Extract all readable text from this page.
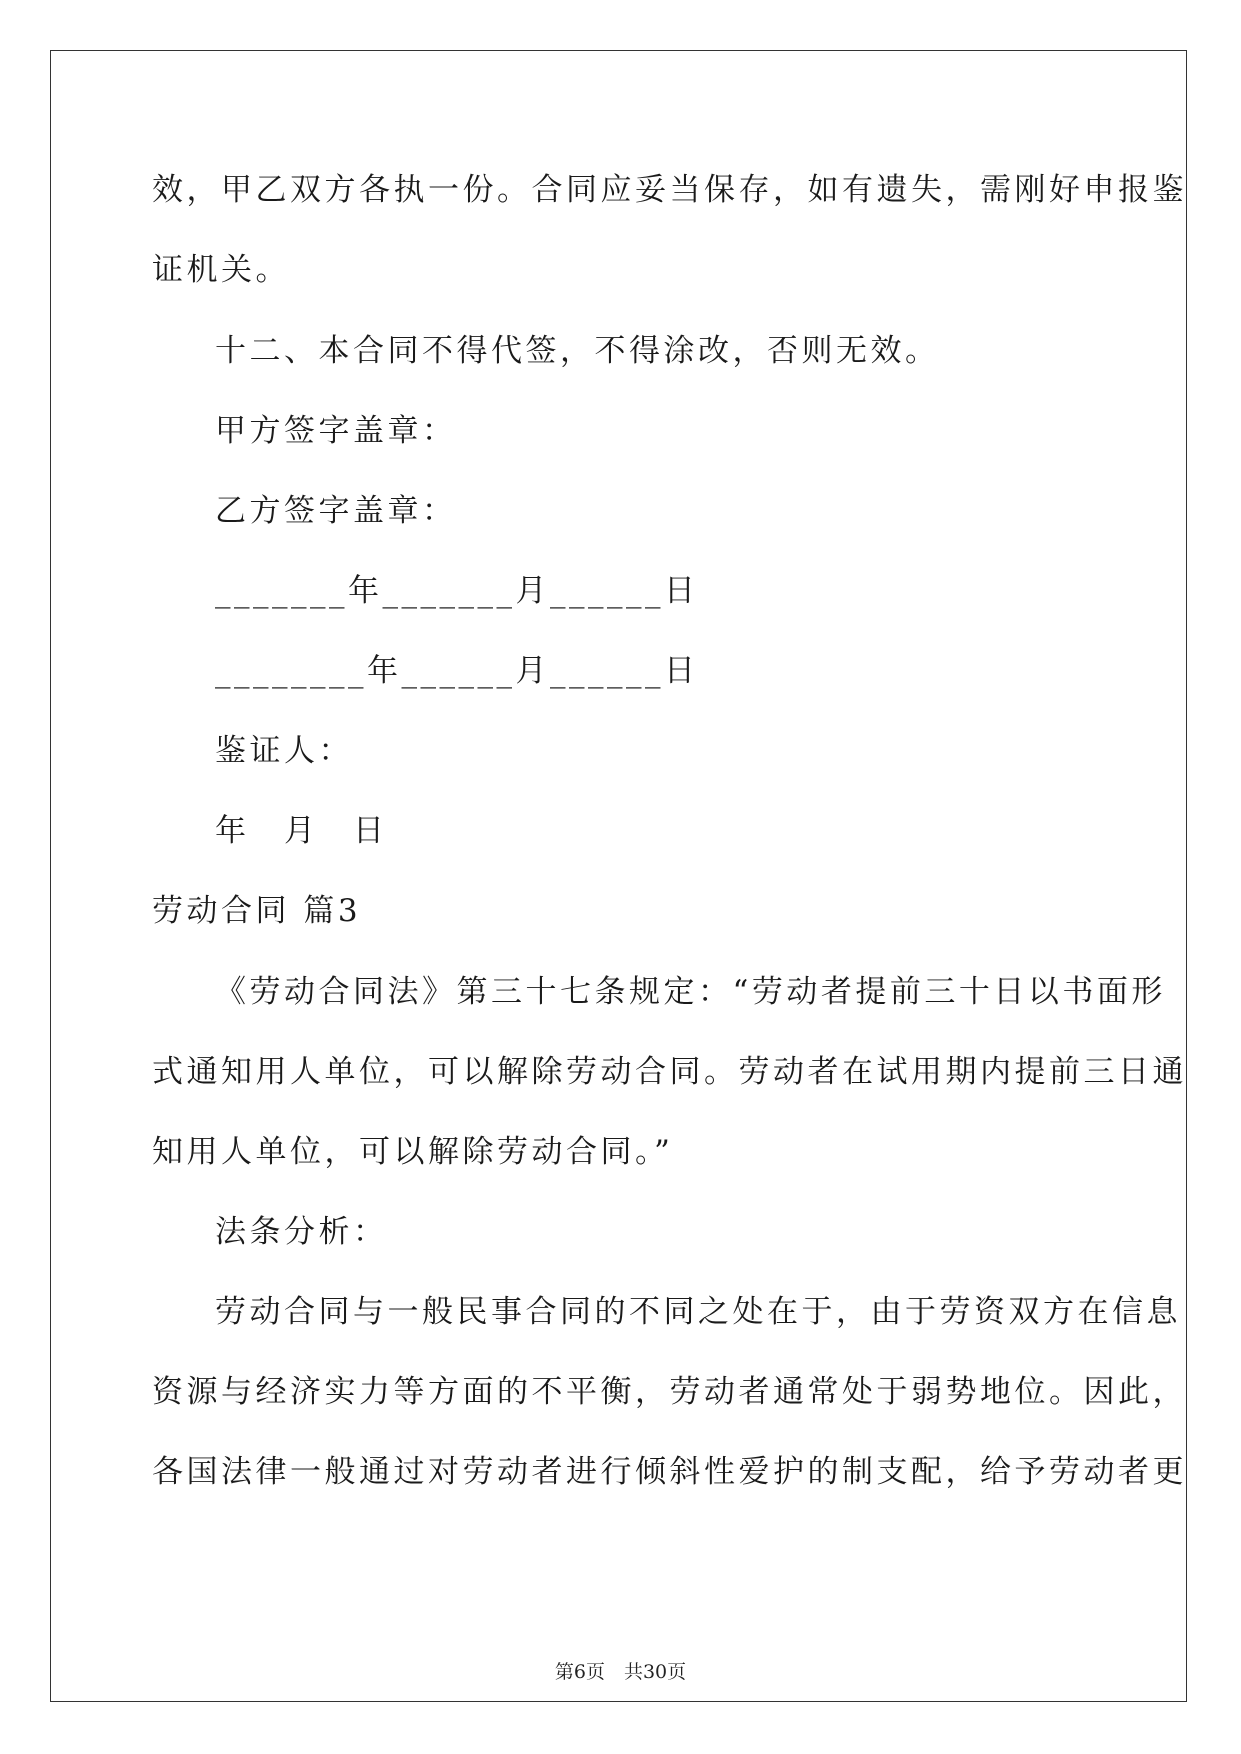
效，甲乙双方各执一份。合同应妥当保存，如有遗失，需刚好申报鉴
证机关。
十二、本合同不得代签，不得涂改，否则无效。
甲方签字盖章：
乙方签字盖章：
_______年_______月______日
________年______月______日
鉴证人：
年　月　日
劳动合同 篇3
《劳动合同法》第三十七条规定：“劳动者提前三十日以书面形
式通知用人单位，可以解除劳动合同。劳动者在试用期内提前三日通
知用人单位，可以解除劳动合同。”
法条分析：
劳动合同与一般民事合同的不同之处在于，由于劳资双方在信息
资源与经济实力等方面的不平衡，劳动者通常处于弱势地位。因此，
各国法律一般通过对劳动者进行倾斜性爱护的制支配，给予劳动者更
第6页　共30页
